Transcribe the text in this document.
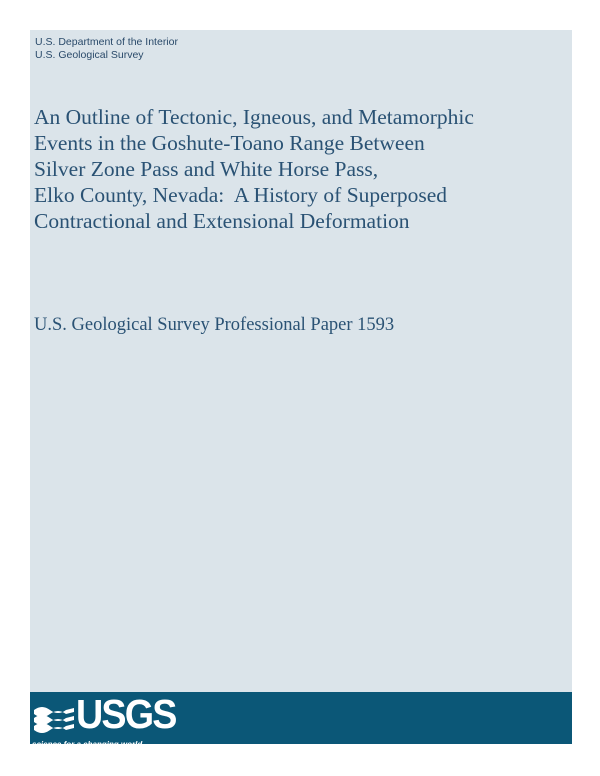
U.S. Department of the Interior
U.S. Geological Survey
An Outline of Tectonic, Igneous, and Metamorphic
Events in the Goshute-Toano Range Between
Silver Zone Pass and White Horse Pass,
Elko County, Nevada:  A History of Superposed
Contractional and Extensional Deformation
U.S. Geological Survey Professional Paper 1593
USGS
science for a changing world
